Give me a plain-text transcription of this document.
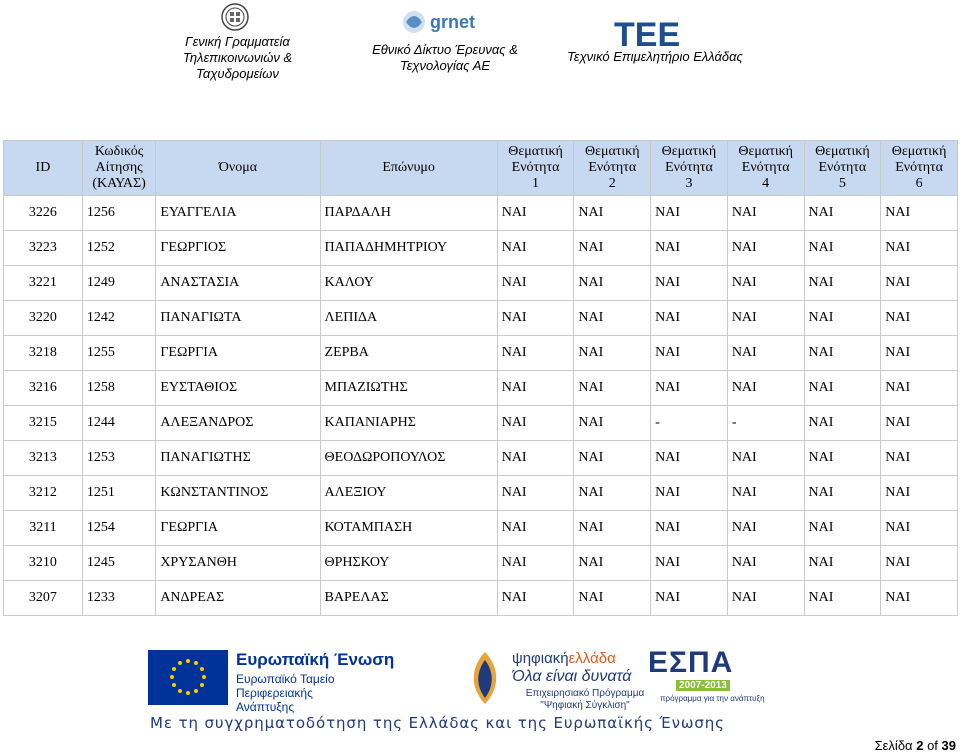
Γενική Γραμματεία Τηλεπικοινωνιών & Ταχυδρομείων
grnet
Εθνικό Δίκτυο Έρευνας & Τεχνολογίας ΑΕ
ΤΕΕ
Τεχνικό Επιμελητήριο Ελλάδας
ID	Κωδικός
Αίτησης
(ΚΑΥΑΣ)	Όνομα	Επώνυμο	Θεματική
Ενότητα
1	Θεματική
Ενότητα
2	Θεματική
Ενότητα
3	Θεματική
Ενότητα
4	Θεματική
Ενότητα
5	Θεματική
Ενότητα
6

3226	1256	ΕΥΑΓΓΕΛΙΑ	ΠΑΡΔΑΛΗ	ΝΑΙ	ΝΑΙ	ΝΑΙ	ΝΑΙ	ΝΑΙ	ΝΑΙ
3223	1252	ΓΕΩΡΓΙΟΣ	ΠΑΠΑΔΗΜΗΤΡΙΟΥ	ΝΑΙ	ΝΑΙ	ΝΑΙ	ΝΑΙ	ΝΑΙ	ΝΑΙ
3221	1249	ΑΝΑΣΤΑΣΙΑ	ΚΑΛΟΥ	ΝΑΙ	ΝΑΙ	ΝΑΙ	ΝΑΙ	ΝΑΙ	ΝΑΙ
3220	1242	ΠΑΝΑΓΙΩΤΑ	ΛΕΠΙΔΑ	ΝΑΙ	ΝΑΙ	ΝΑΙ	ΝΑΙ	ΝΑΙ	ΝΑΙ
3218	1255	ΓΕΩΡΓΙΑ	ΖΕΡΒΑ	ΝΑΙ	ΝΑΙ	ΝΑΙ	ΝΑΙ	ΝΑΙ	ΝΑΙ
3216	1258	ΕΥΣΤΑΘΙΟΣ	ΜΠΑΖΙΩΤΗΣ	ΝΑΙ	ΝΑΙ	ΝΑΙ	ΝΑΙ	ΝΑΙ	ΝΑΙ
3215	1244	ΑΛΕΞΑΝΔΡΟΣ	ΚΑΠΑΝΙΑΡΗΣ	ΝΑΙ	ΝΑΙ	-	-	ΝΑΙ	ΝΑΙ
3213	1253	ΠΑΝΑΓΙΩΤΗΣ	ΘΕΟΔΩΡΟΠΟΥΛΟΣ	ΝΑΙ	ΝΑΙ	ΝΑΙ	ΝΑΙ	ΝΑΙ	ΝΑΙ
3212	1251	ΚΩΝΣΤΑΝΤΙΝΟΣ	ΑΛΕΞΙΟΥ	ΝΑΙ	ΝΑΙ	ΝΑΙ	ΝΑΙ	ΝΑΙ	ΝΑΙ
3211	1254	ΓΕΩΡΓΙΑ	ΚΟΤΑΜΠΑΣΗ	ΝΑΙ	ΝΑΙ	ΝΑΙ	ΝΑΙ	ΝΑΙ	ΝΑΙ
3210	1245	ΧΡΥΣΑΝΘΗ	ΘΡΗΣΚΟΥ	ΝΑΙ	ΝΑΙ	ΝΑΙ	ΝΑΙ	ΝΑΙ	ΝΑΙ
3207	1233	ΑΝΔΡΕΑΣ	ΒΑΡΕΛΑΣ	ΝΑΙ	ΝΑΙ	ΝΑΙ	ΝΑΙ	ΝΑΙ	ΝΑΙ
Ευρωπαϊκή Ένωση
Ευρωπαϊκό Ταμείο Περιφερειακής Ανάπτυξης
ψηφιακήελλάδα
Όλα είναι δυνατά
Επιχειρησιακό Πρόγραμμα "Ψηφιακή Σύγκλιση"
ΕΣΠΑ
2007-2013
πρόγραμμα για την ανάπτυξη
Με τη συγχρηματοδότηση της Ελλάδας και της Ευρωπαϊκής Ένωσης
Σελίδα 2 of 39
